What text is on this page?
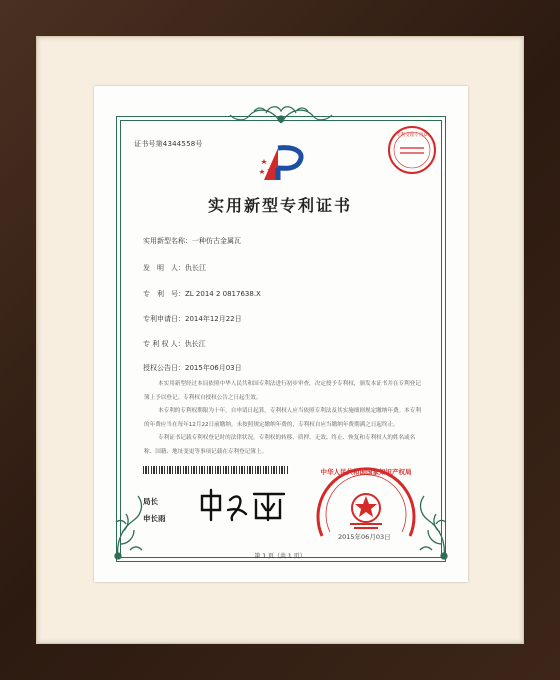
证书号第4344558号
专利受理专用章
实用新型专利证书
实用新型名称：一种仿古金属瓦
发　明　人：仇长江
专　利　号：ZL 2014 2 0817638.X
专利申请日：2014年12月22日
专 利 权 人：仇长江
授权公告日：2015年06月03日

本实用新型经过本局依照中华人民共和国专利法进行初步审查，决定授予专利权，颁发本证书并在专利登记簿上予以登记。专利权自授权公告之日起生效。

本专利的专利权期限为十年，自申请日起算。专利权人应当依照专利法及其实施细则规定缴纳年费。本专利的年费应当在每年12月22日前缴纳。未按照规定缴纳年费的，专利权自应当缴纳年费期满之日起终止。

专利证书记载专利权登记时的法律状况。专利权的转移、质押、无效、终止、恢复和专利权人的姓名或名称、国籍、地址变更等事项记载在专利登记簿上。

局长
申长雨
中华人民共和国国家知识产权局
2015年06月03日
第 1 页（共 1 页）
